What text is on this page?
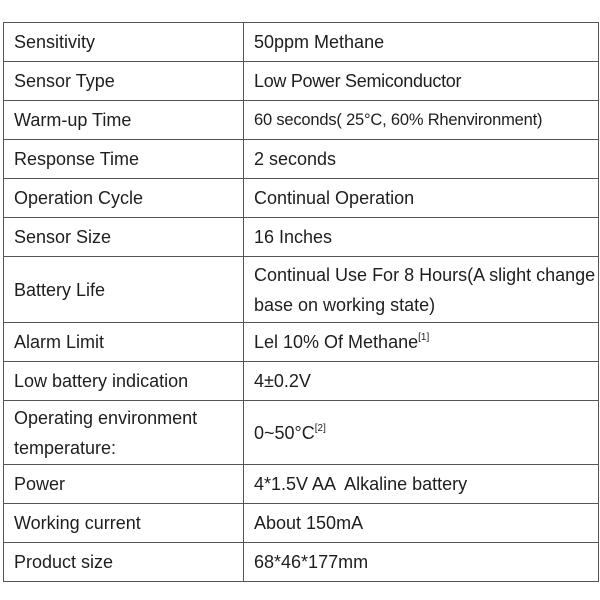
Sensitivity	50ppm Methane
Sensor Type	Low Power Semiconductor
Warm-up Time	60 seconds( 25°C, 60% Rhenvironment)
Response Time	2 seconds
Operation Cycle	Continual Operation
Sensor Size	16 Inches
Battery Life	Continual Use For 8 Hours(A slight change base on working state)
Alarm Limit	Lel 10% Of Methane[1]
Low battery indication	4±0.2V
Operating environment temperature:	0~50°C[2]
Power	4*1.5V AA  Alkaline battery
Working current	About 150mA
Product size	68*46*177mm
